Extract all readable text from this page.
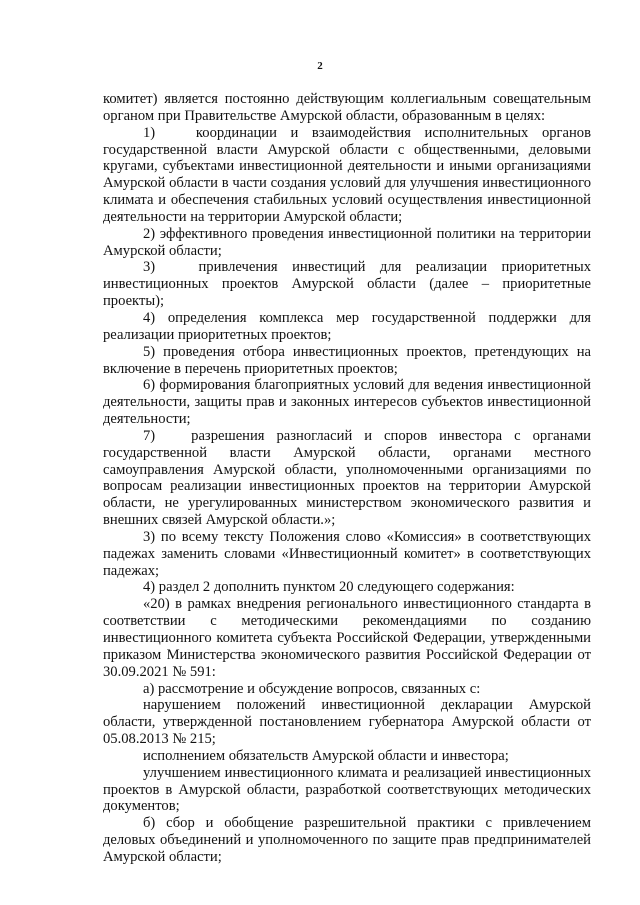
2

комитет) является постоянно действующим коллегиальным совещательным органом при Правительстве Амурской области, образованным в целях:

1)   координации и взаимодействия исполнительных органов государственной власти Амурской области с общественными, деловыми кругами, субъектами инвестиционной деятельности и иными организациями Амурской области в части создания условий для улучшения инвестиционного климата и обеспечения стабильных условий осуществления инвестиционной деятельности на территории Амурской области;

2) эффективного проведения инвестиционной политики на территории Амурской области;

3)   привлечения инвестиций для реализации приоритетных инвестиционных проектов Амурской области (далее – приоритетные проекты);

4) определения комплекса мер государственной поддержки для реализации приоритетных проектов;

5) проведения отбора инвестиционных проектов, претендующих на включение в перечень приоритетных проектов;

6) формирования благоприятных условий для ведения инвестиционной деятельности, защиты прав и законных интересов субъектов инвестиционной деятельности;

7)   разрешения разногласий и споров инвестора с органами государственной власти Амурской области, органами местного самоуправления Амурской области, уполномоченными организациями по вопросам реализации инвестиционных проектов на территории Амурской области, не урегулированных министерством экономического развития и внешних связей Амурской области.»;

3) по всему тексту Положения слово «Комиссия» в соответствующих падежах заменить словами «Инвестиционный комитет» в соответствующих падежах;

4) раздел 2 дополнить пунктом 20 следующего содержания:

«20) в рамках внедрения регионального инвестиционного стандарта в соответствии с методическими рекомендациями по созданию инвестиционного комитета субъекта Российской Федерации, утвержденными приказом Министерства экономического развития Российской Федерации от 30.09.2021 № 591:

а) рассмотрение и обсуждение вопросов, связанных с:

нарушением положений инвестиционной декларации Амурской области, утвержденной постановлением губернатора Амурской области от 05.08.2013 № 215;

исполнением обязательств Амурской области и инвестора;

улучшением инвестиционного климата и реализацией инвестиционных проектов в Амурской области, разработкой соответствующих методических документов;

б) сбор и обобщение разрешительной практики с привлечением деловых объединений и уполномоченного по защите прав предпринимателей Амурской области;
